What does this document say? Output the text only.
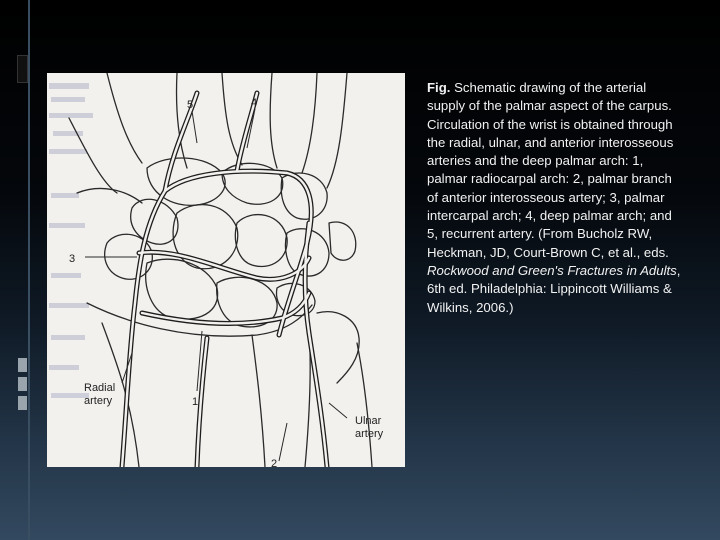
5	4
3
1
2
Radial
artery
Ulnar
artery
Fig. Schematic drawing of the arterial supply of the palmar aspect of the carpus. Circulation of the wrist is obtained through the radial, ulnar, and anterior interosseous arteries and the deep palmar arch: 1, palmar radiocarpal arch: 2, palmar branch of anterior interosseous artery; 3, palmar intercarpal arch; 4, deep palmar arch; and 5, recurrent artery. (From Bucholz RW, Heckman, JD, Court-Brown C, et al., eds. Rockwood and Green's Fractures in Adults, 6th ed. Philadelphia: Lippincott Williams & Wilkins, 2006.)
